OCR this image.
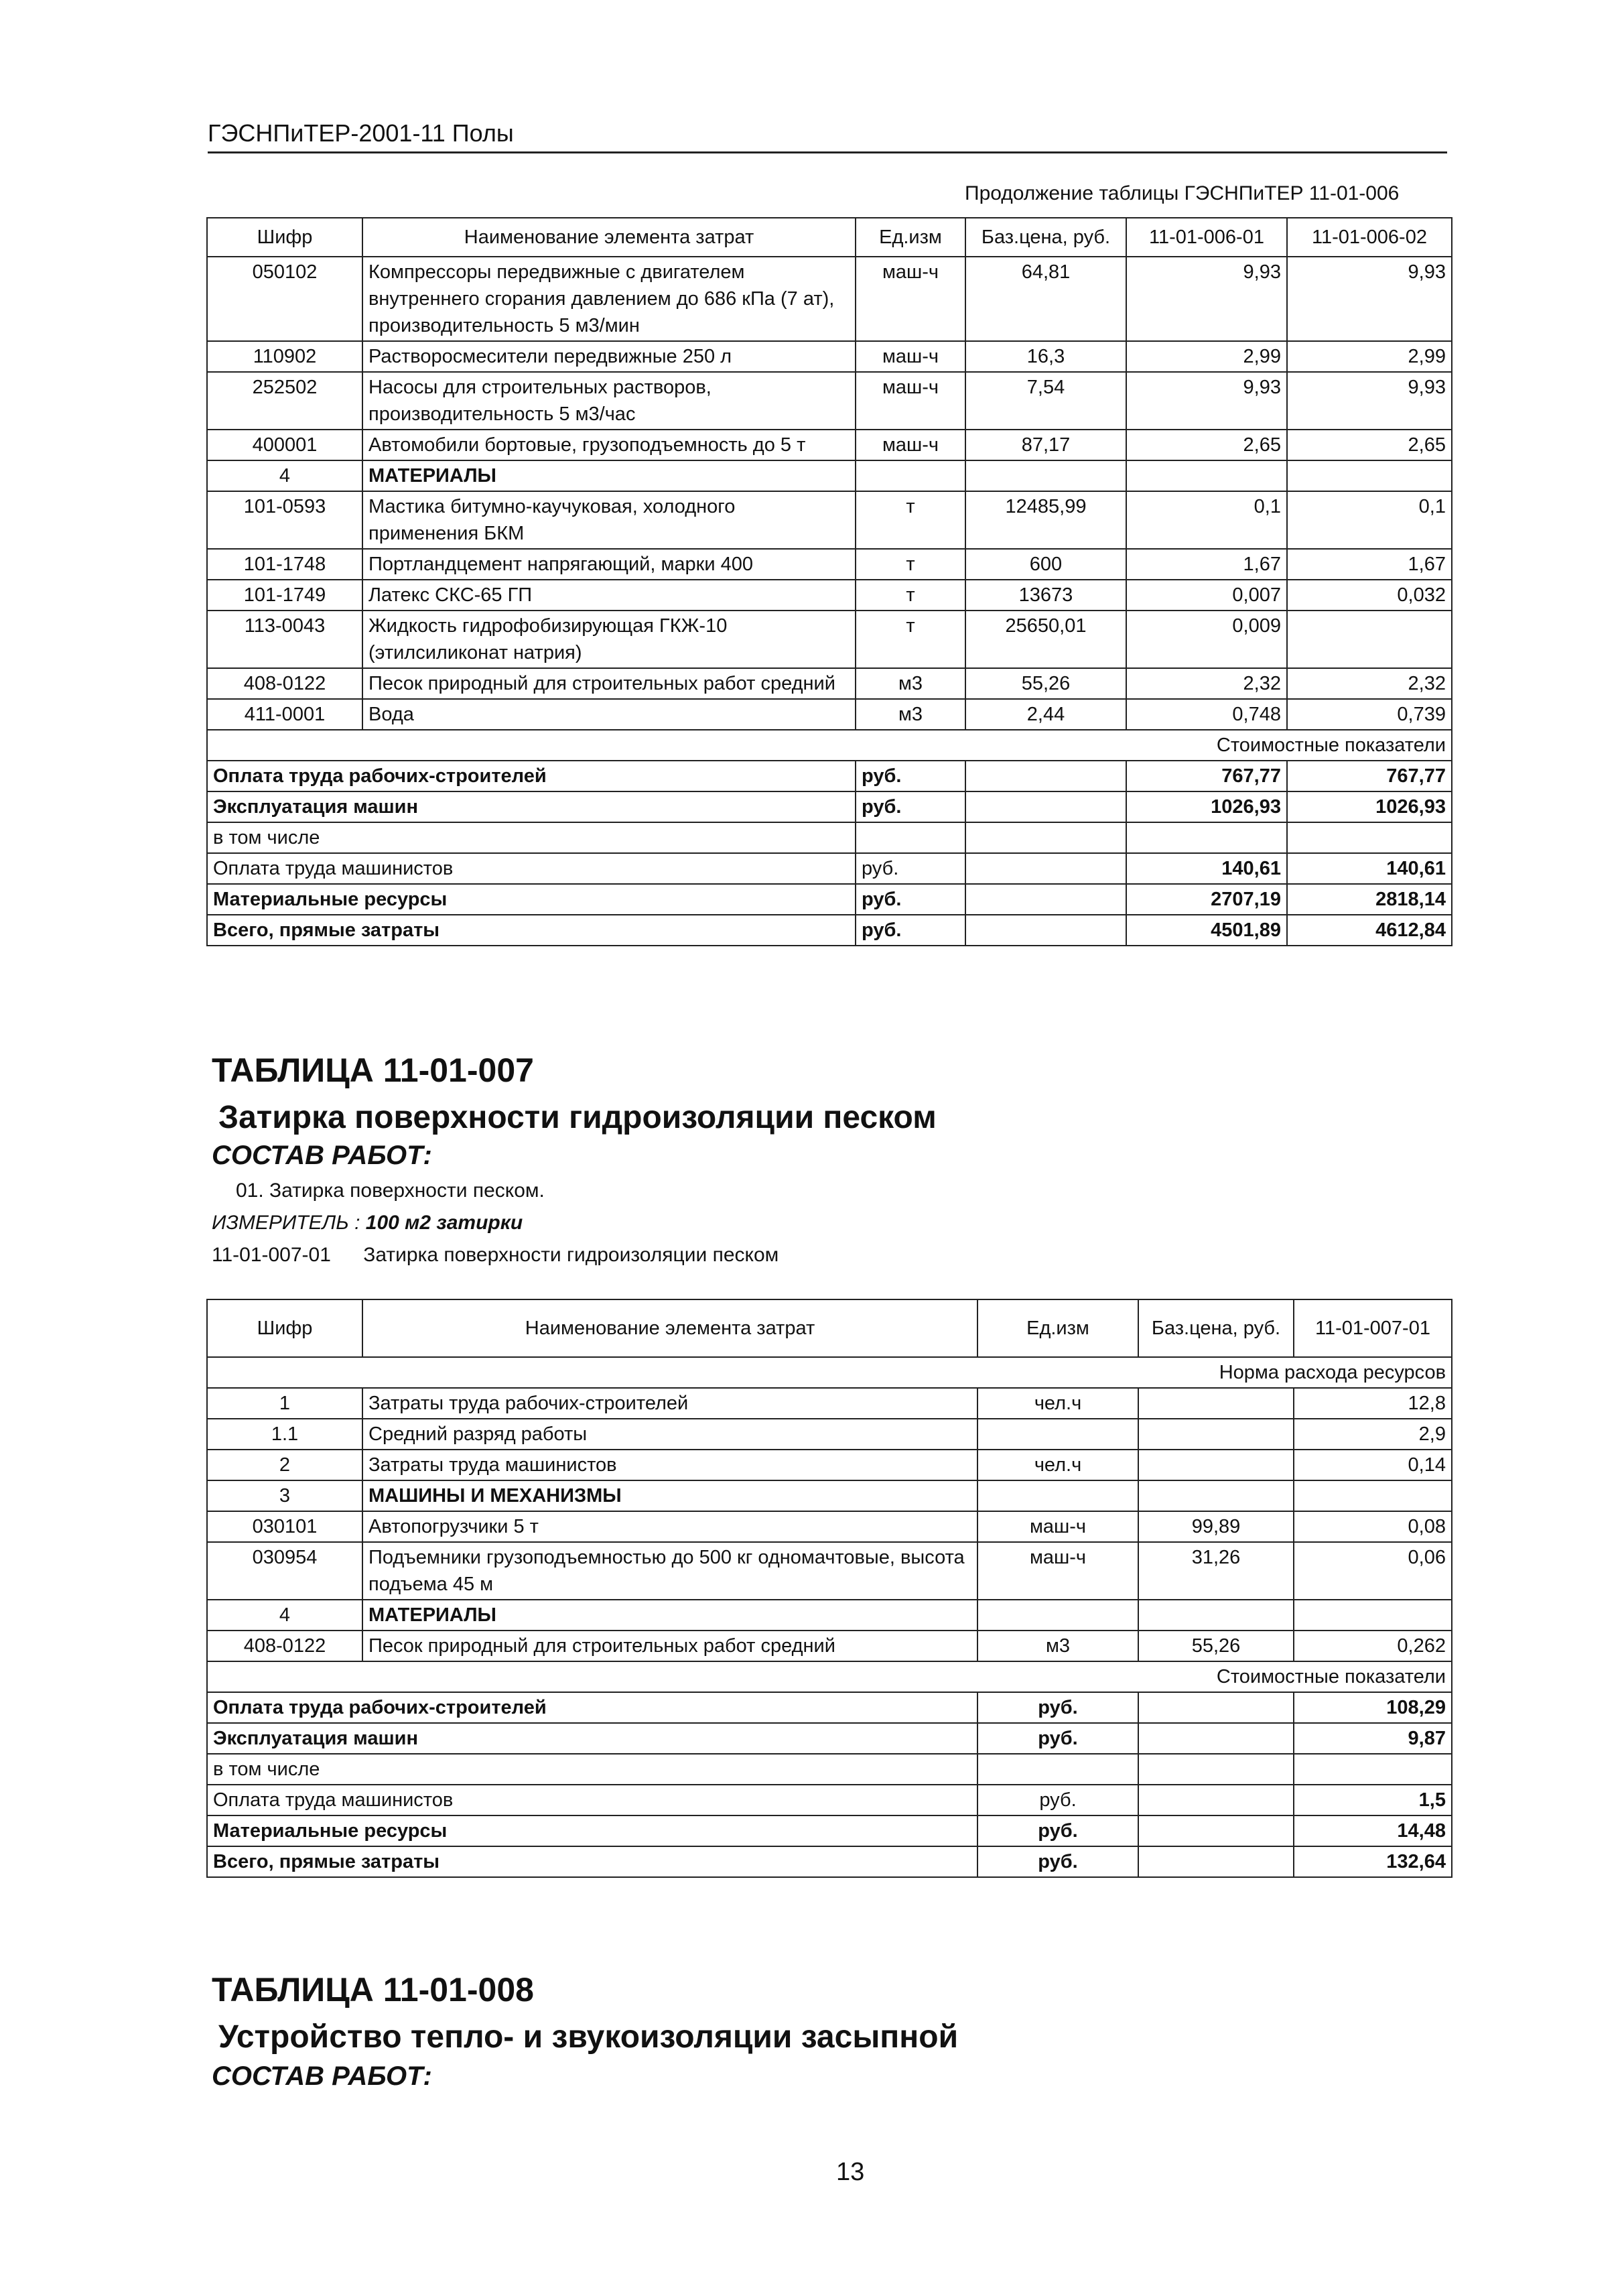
ГЭСНПиТЕР-2001-11 Полы
Продолжение таблицы ГЭСНПиТЕР 11-01-006
Шифр	Наименование элемента затрат	Ед.изм	Баз.цена, руб.	11-01-006-01	11-01-006-02
050102	Компрессоры передвижные с двигателем внутреннего сгорания давлением до 686 кПа (7 ат), производительность 5 м3/мин	маш-ч	64,81	9,93	9,93
110902	Растворосмесители передвижные 250 л	маш-ч	16,3	2,99	2,99
252502	Насосы для строительных растворов, производительность 5 м3/час	маш-ч	7,54	9,93	9,93
400001	Автомобили бортовые, грузоподъемность до 5 т	маш-ч	87,17	2,65	2,65
4	МАТЕРИАЛЫ				
101-0593	Мастика битумно-каучуковая, холодного применения БКМ	т	12485,99	0,1	0,1
101-1748	Портландцемент напрягающий, марки 400	т	600	1,67	1,67
101-1749	Латекс СКС-65 ГП	т	13673	0,007	0,032
113-0043	Жидкость гидрофобизирующая ГКЖ-10 (этилсиликонат натрия)	т	25650,01	0,009	
408-0122	Песок природный для строительных работ средний	м3	55,26	2,32	2,32
411-0001	Вода	м3	2,44	0,748	0,739
Стоимостные показатели					
Оплата труда рабочих-строителей		руб.		767,77	767,77
Эксплуатация машин		руб.		1026,93	1026,93
в том числе					
Оплата труда машинистов		руб.		140,61	140,61
Материальные ресурсы		руб.		2707,19	2818,14
Всего, прямые затраты		руб.		4501,89	4612,84
ТАБЛИЦА 11-01-007
Затирка поверхности гидроизоляции песком
СОСТАВ РАБОТ:
01. Затирка поверхности песком.
ИЗМЕРИТЕЛЬ : 100 м2 затирки
11-01-007-01 Затирка поверхности гидроизоляции песком
Шифр	Наименование элемента затрат	Ед.изм	Баз.цена, руб.	11-01-007-01
Норма расхода ресурсов				
1	Затраты труда рабочих-строителей	чел.ч		12,8
1.1	Средний разряд работы			2,9
2	Затраты труда машинистов	чел.ч		0,14
3	МАШИНЫ И МЕХАНИЗМЫ			
030101	Автопогрузчики 5 т	маш-ч	99,89	0,08
030954	Подъемники грузоподъемностью до 500 кг одномачтовые, высота подъема 45 м	маш-ч	31,26	0,06
4	МАТЕРИАЛЫ			
408-0122	Песок природный для строительных работ средний	м3	55,26	0,262
Стоимостные показатели				
Оплата труда рабочих-строителей		руб.		108,29
Эксплуатация машин		руб.		9,87
в том числе				
Оплата труда машинистов		руб.		1,5
Материальные ресурсы		руб.		14,48
Всего, прямые затраты		руб.		132,64
ТАБЛИЦА 11-01-008
Устройство тепло- и звукоизоляции засыпной
СОСТАВ РАБОТ:
13
